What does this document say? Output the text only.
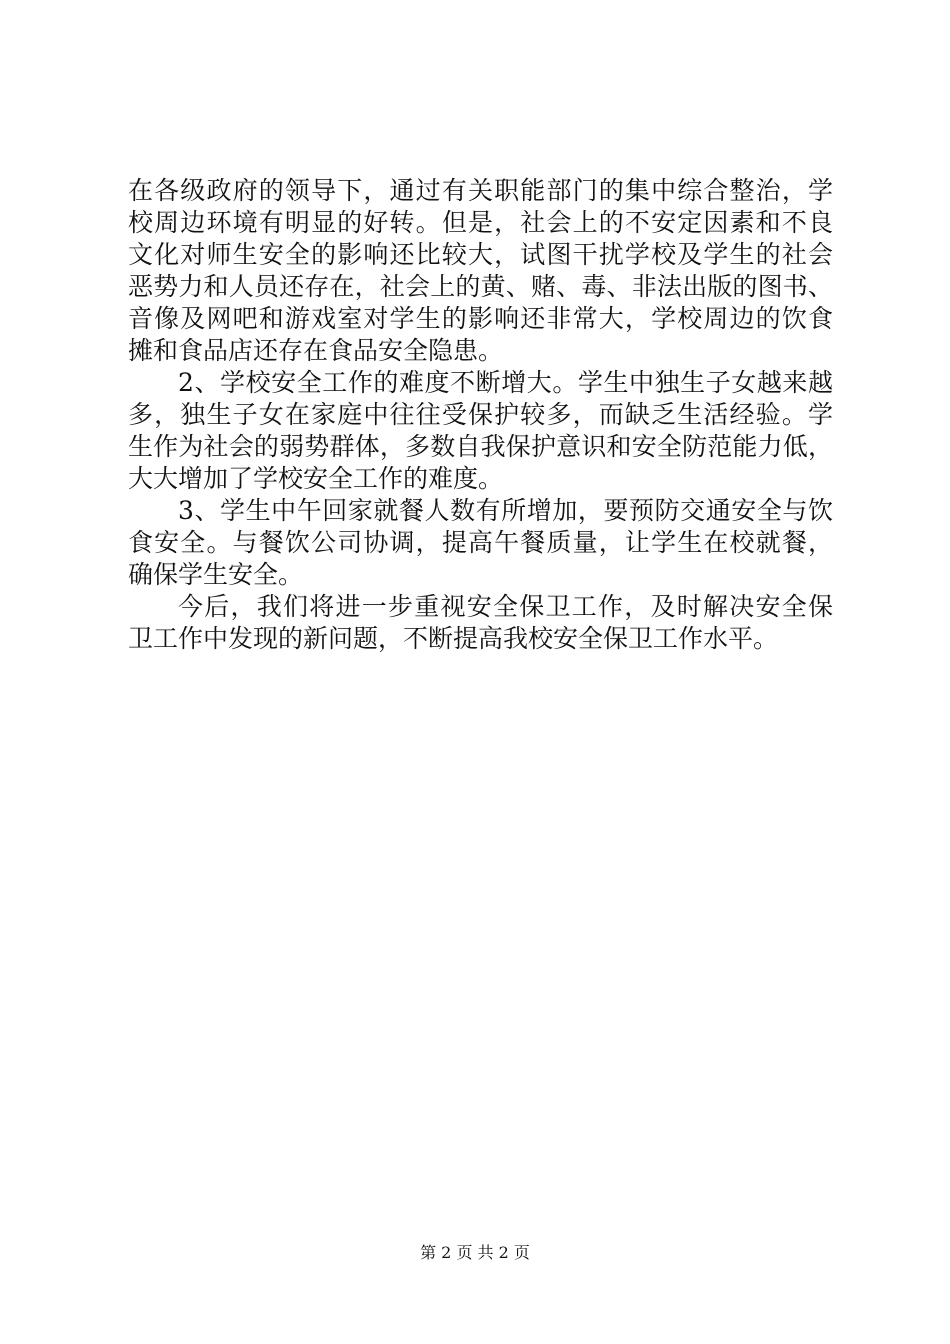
在各级政府的领导下，通过有关职能部门的集中综合整治，学
校周边环境有明显的好转。但是，社会上的不安定因素和不良
文化对师生安全的影响还比较大，试图干扰学校及学生的社会
恶势力和人员还存在，社会上的黄、赌、毒、非法出版的图书、
音像及网吧和游戏室对学生的影响还非常大，学校周边的饮食
摊和食品店还存在食品安全隐患。
2、学校安全工作的难度不断增大。学生中独生子女越来越
多，独生子女在家庭中往往受保护较多，而缺乏生活经验。学
生作为社会的弱势群体，多数自我保护意识和安全防范能力低，
大大增加了学校安全工作的难度。
3、学生中午回家就餐人数有所增加，要预防交通安全与饮
食安全。与餐饮公司协调，提高午餐质量，让学生在校就餐，
确保学生安全。
今后，我们将进一步重视安全保卫工作，及时解决安全保
卫工作中发现的新问题，不断提高我校安全保卫工作水平。
第 2 页 共 2 页
